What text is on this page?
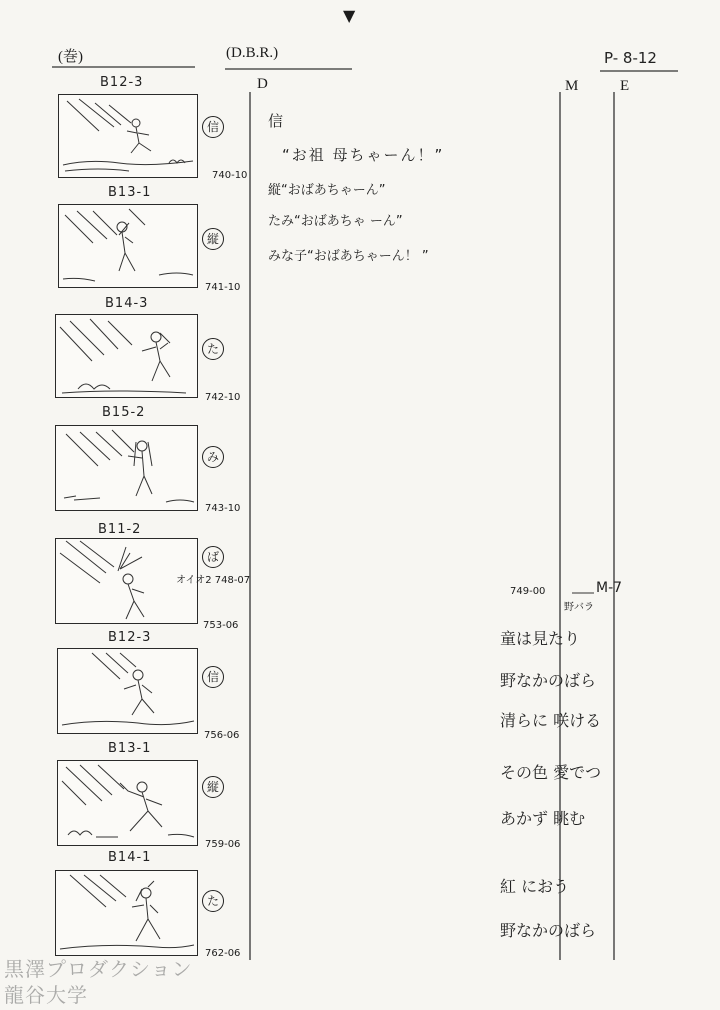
▼
(巻)	(D.B.R.)	P- 8-12
D	M	E
B12-3
信
740-10
B13-1
縦
741-10
B14-3
た
742-10
B15-2
み
743-10
B11-2
ば
オイオ2 748-07
753-06
B12-3
信
756-06
B13-1
縦
759-06
B14-1
た
762-06
信
“お祖 母ちゃーん！”
縦“おばあちゃーん”
たみ“おばあちゃ ーん”
みな子“おばあちゃーん！ ”
749-00	M-7
野バラ
童は見たり
野なかのばら
清らに 咲ける
その色 愛でつ
あかず 眺む
紅 におう
野なかのばら
黒澤プロダクション
龍谷大学
